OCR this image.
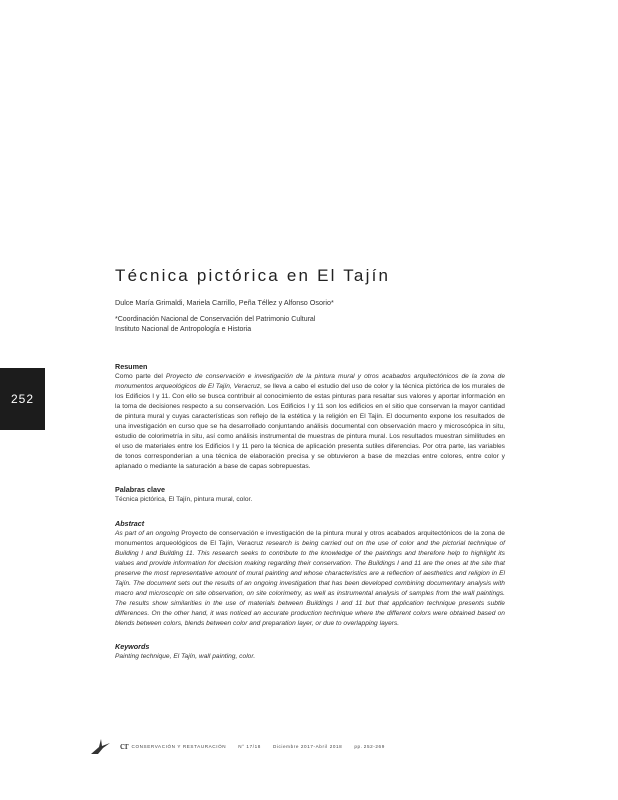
252
Técnica pictórica en El Tajín

Dulce María Grimaldi, Mariela Carrillo, Peña Téllez y Alfonso Osorio*

*Coordinación Nacional de Conservación del Patrimonio Cultural
Instituto Nacional de Antropología e Historia

Resumen

Como parte del Proyecto de conservación e investigación de la pintura mural y otros acabados arquitectónicos de la zona de monumentos arqueológicos de El Tajín, Veracruz, se lleva a cabo el estudio del uso de color y la técnica pictórica de los murales de los Edificios I y 11. Con ello se busca contribuir al conocimiento de estas pinturas para resaltar sus valores y aportar información en la toma de decisiones respecto a su conservación. Los Edificios I y 11 son los edificios en el sitio que conservan la mayor cantidad de pintura mural y cuyas características son reflejo de la estética y la religión en El Tajín. El documento expone los resultados de una investigación en curso que se ha desarrollado conjuntando análisis documental con observación macro y microscópica in situ, estudio de colorimetría in situ, así como análisis instrumental de muestras de pintura mural. Los resultados muestran similitudes en el uso de materiales entre los Edificios I y 11 pero la técnica de aplicación presenta sutiles diferencias. Por otra parte, las variables de tonos corresponderían a una técnica de elaboración precisa y se obtuvieron a base de mezclas entre colores, entre color y aplanado o mediante la saturación a base de capas sobrepuestas.

Palabras clave

Técnica pictórica, El Tajín, pintura mural, color.

Abstract

As part of an ongoing Proyecto de conservación e investigación de la pintura mural y otros acabados arquitectónicos de la zona de monumentos arqueológicos de El Tajín, Veracruz research is being carried out on the use of color and the pictorial technique of Building I and Building 11. This research seeks to contribute to the knowledge of the paintings and therefore help to highlight its values and provide information for decision making regarding their conservation. The Buildings I and 11 are the ones at the site that preserve the most representative amount of mural painting and whose characteristics are a reflection of aesthetics and religion in El Tajín. The document sets out the results of an ongoing investigation that has been developed combining documentary analysis with macro and microscopic on site observation, on site colorimetry, as well as instrumental analysis of samples from the wall paintings. The results show similarities in the use of materials between Buildings I and 11 but that application technique presents subtle differences. On the other hand, it was noticed an accurate production technique where the different colors were obtained based on blends between colors, blends between color and preparation layer, or due to overlapping layers.

Keywords

Painting technique, El Tajín, wall painting, color.

cr CONSERVACIÓN Y RESTAURACIÓN	N° 17/18	Diciembre 2017-Abril 2018	pp.
252-269
